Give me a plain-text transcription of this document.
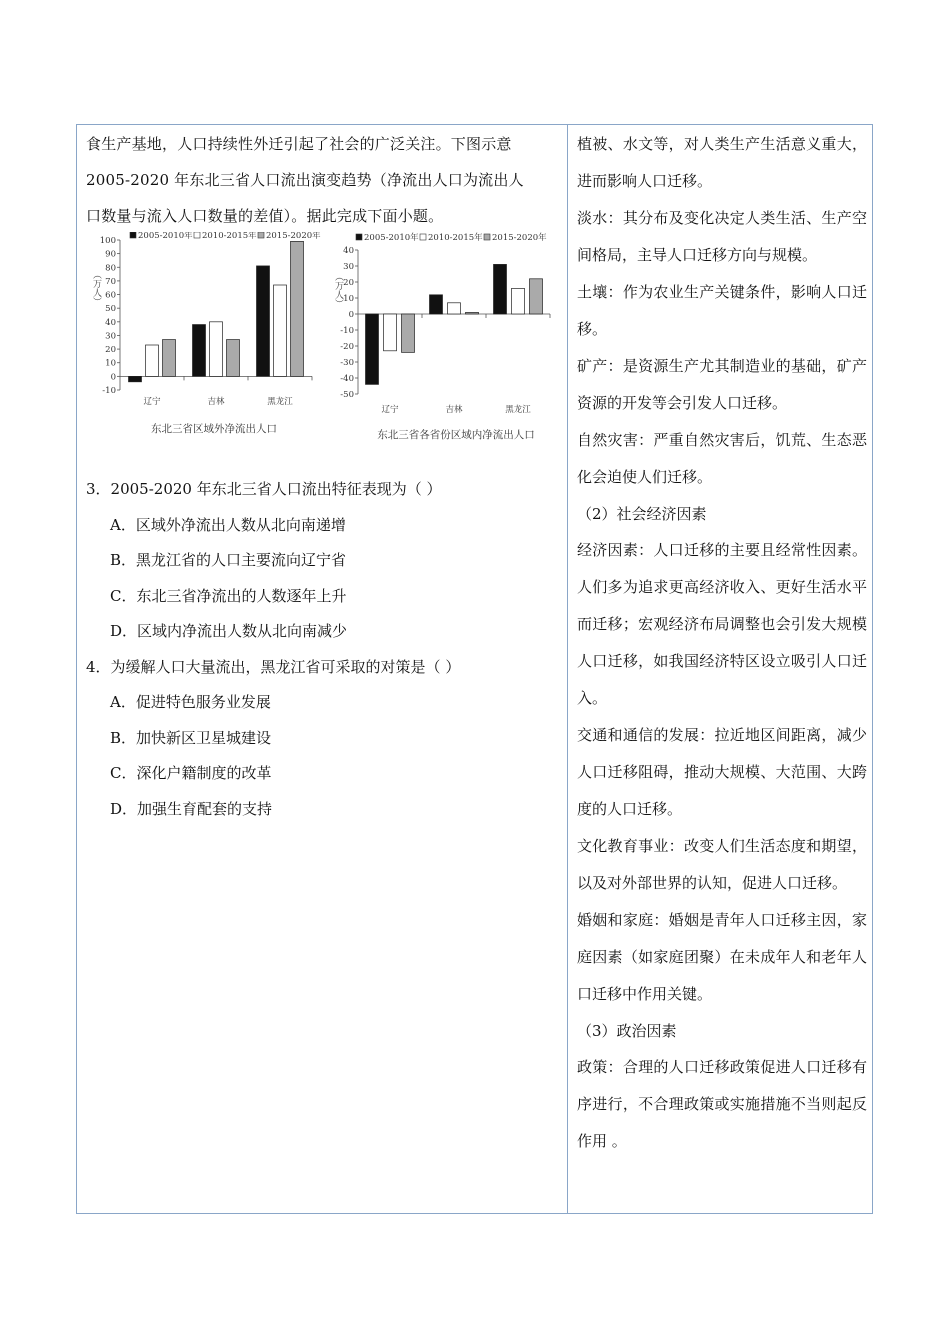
食生产基地，人口持续性外迁引起了社会的广泛关注。下图示意

2005-2020 年东北三省人口流出演变趋势（净流出人口为流出人

口数量与流入人口数量的差值）。据此完成下面小题。

2005-2010年 2010-2015年 2015-2020年
（万人）
100
90
80
70
60
50
40
30
20
10
0
-10
辽宁	吉林	黑龙江
东北三省区域外净流出人口
2005-2010年 2010-2015年 2015-2020年
（万人）
40
30
20
10
0
-10
-20
-30
-40
-50
辽宁	吉林	黑龙江
东北三省各省份区域内净流出人口

3．2005-2020 年东北三省人口流出特征表现为（ ）

A．区域外净流出人数从北向南递增

B．黑龙江省的人口主要流向辽宁省

C．东北三省净流出的人数逐年上升

D．区域内净流出人数从北向南减少

4．为缓解人口大量流出，黑龙江省可采取的对策是（ ）

A．促进特色服务业发展

B．加快新区卫星城建设

C．深化户籍制度的改革

D．加强生育配套的支持

植被、水文等，对人类生产生活意义重大，进而影响人口迁移。

淡水：其分布及变化决定人类生活、生产空间格局，主导人口迁移方向与规模。

土壤：作为农业生产关键条件，影响人口迁移。

矿产：是资源生产尤其制造业的基础，矿产资源的开发等会引发人口迁移。

自然灾害：严重自然灾害后，饥荒、生态恶化会迫使人们迁移。

（2）社会经济因素

经济因素：人口迁移的主要且经常性因素。人们多为追求更高经济收入、更好生活水平而迁移；宏观经济布局调整也会引发大规模人口迁移，如我国经济特区设立吸引人口迁入。

交通和通信的发展：拉近地区间距离，减少人口迁移阻碍，推动大规模、大范围、大跨度的人口迁移。

文化教育事业：改变人们生活态度和期望，以及对外部世界的认知，促进人口迁移。

婚姻和家庭：婚姻是青年人口迁移主因，家庭因素（如家庭团聚）在未成年人和老年人口迁移中作用关键。

（3）政治因素

政策：合理的人口迁移政策促进人口迁移有序进行，不合理政策或实施措施不当则起反作用 。
